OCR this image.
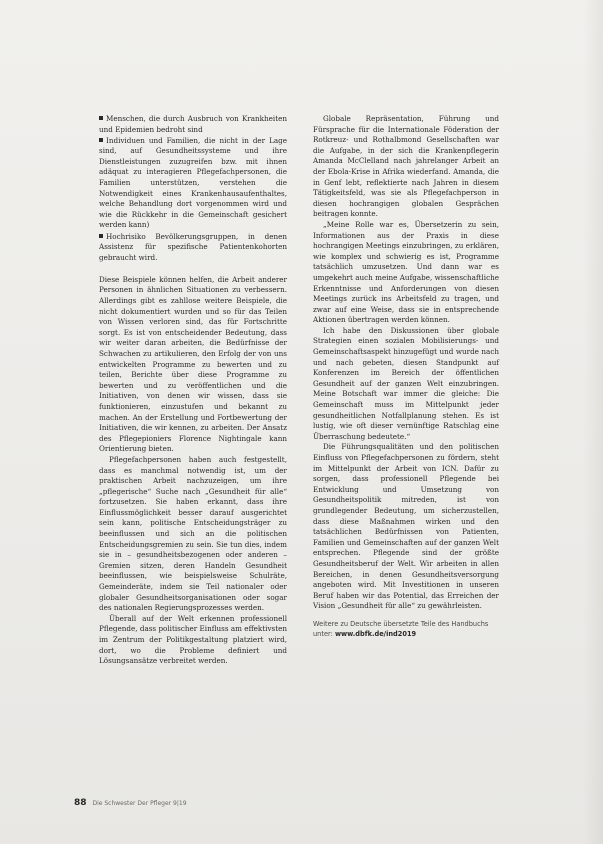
Menschen, die durch Ausbruch von Krankheiten und Epidemien bedroht sind

Individuen und Familien, die nicht in der Lage sind, auf Gesundheitssysteme und ihre Dienstleistungen zuzugreifen bzw. mit ihnen adäquat zu interagieren Pflegefachpersonen, die Familien unterstützen, verstehen die Notwendigkeit eines Krankenhausaufenthaltes, welche Behandlung dort vorgenommen wird und wie die Rückkehr in die Gemeinschaft gesichert werden kann)

Hochrisiko Bevölkerungsgruppen, in denen Assistenz für spezifische Patientenkohorten gebraucht wird.

Diese Beispiele können helfen, die Arbeit anderer Personen in ähnlichen Situationen zu verbessern. Allerdings gibt es zahllose weitere Beispiele, die nicht dokumentiert wurden und so für das Teilen von Wissen verloren sind, das für Fortschritte sorgt. Es ist von entscheidender Bedeutung, dass wir weiter daran arbeiten, die Bedürfnisse der Schwachen zu artikulieren, den Erfolg der von uns entwickelten Programme zu bewerten und zu teilen, Berichte über diese Programme zu bewerten und zu veröffentlichen und die Initiativen, von denen wir wissen, dass sie funktionieren, einzustufen und bekannt zu machen. An der Erstellung und Fortbewertung der Initiativen, die wir kennen, zu arbeiten. Der Ansatz des Pflegepioniers Florence Nightingale kann Orientierung bieten.

Pflegefachpersonen haben auch festgestellt, dass es manchmal notwendig ist, um der praktischen Arbeit nachzuzeigen, um ihre „pflegerische“ Suche nach „Gesundheit für alle“ fortzusetzen. Sie haben erkannt, dass ihre Einflussmöglichkeit besser darauf ausgerichtet sein kann, politische Entscheidungsträger zu beeinflussen und sich an die politischen Entscheidungsgremien zu sein. Sie tun dies, indem sie in – gesundheitsbezogenen oder anderen – Gremien sitzen, deren Handeln Gesundheit beeinflussen, wie beispielsweise Schulräte, Gemeinderäte, indem sie Teil nationaler oder globaler Gesundheitsorganisationen oder sogar des nationalen Regierungsprozesses werden.

Überall auf der Welt erkennen professionell Pflegende, dass politischer Einfluss am effektivsten im Zentrum der Politikgestaltung platziert wird, dort, wo die Probleme definiert und Lösungsansätze verbreitet werden.

Globale Repräsentation, Führung und Fürsprache für die Internationale Föderation der Rotkreuz- und Rothalbmond Gesellschaften war die Aufgabe, in der sich die Krankenpflegerin Amanda McClelland nach jahrelanger Arbeit an der Ebola-Krise in Afrika wiederfand. Amanda, die in Genf lebt, reflektierte nach Jahren in diesem Tätigkeitsfeld, was sie als Pflegefachperson in diesen hochrangigen globalen Gesprächen beitragen konnte.

„Meine Rolle war es, Übersetzerin zu sein, Informationen aus der Praxis in diese hochrangigen Meetings einzubringen, zu erklären, wie komplex und schwierig es ist, Programme tatsächlich umzusetzen. Und dann war es umgekehrt auch meine Aufgabe, wissenschaftliche Erkenntnisse und Anforderungen von diesen Meetings zurück ins Arbeitsfeld zu tragen, und zwar auf eine Weise, dass sie in entsprechende Aktionen übertragen werden können.

Ich habe den Diskussionen über globale Strategien einen sozialen Mobilisierungs- und Gemeinschaftsaspekt hinzugefügt und wurde nach und nach gebeten, diesen Standpunkt auf Konferenzen im Bereich der öffentlichen Gesundheit auf der ganzen Welt einzubringen. Meine Botschaft war immer die gleiche: Die Gemeinschaft muss im Mittelpunkt jeder gesundheitlichen Notfallplanung stehen. Es ist lustig, wie oft dieser vernünftige Ratschlag eine Überraschung bedeutete.“

Die Führungsqualitäten und den politischen Einfluss von Pflegefachpersonen zu fördern, steht im Mittelpunkt der Arbeit von ICN. Dafür zu sorgen, dass professionell Pflegende bei Entwicklung und Umsetzung von Gesundheitspolitik mitreden, ist von grundlegender Bedeutung, um sicherzustellen, dass diese Maßnahmen wirken und den tatsächlichen Bedürfnissen von Patienten, Familien und Gemeinschaften auf der ganzen Welt entsprechen. Pflegende sind der größte Gesundheitsberuf der Welt. Wir arbeiten in allen Bereichen, in denen Gesundheitsversorgung angeboten wird. Mit Investitionen in unseren Beruf haben wir das Potential, das Erreichen der Vision „Gesundheit für alle“ zu gewährleisten.

Weitere zu Deutsche übersetzte Teile des Handbuchs unter: www.dbfk.de/ind2019
88 Die Schwester Der Pfleger 9|19
